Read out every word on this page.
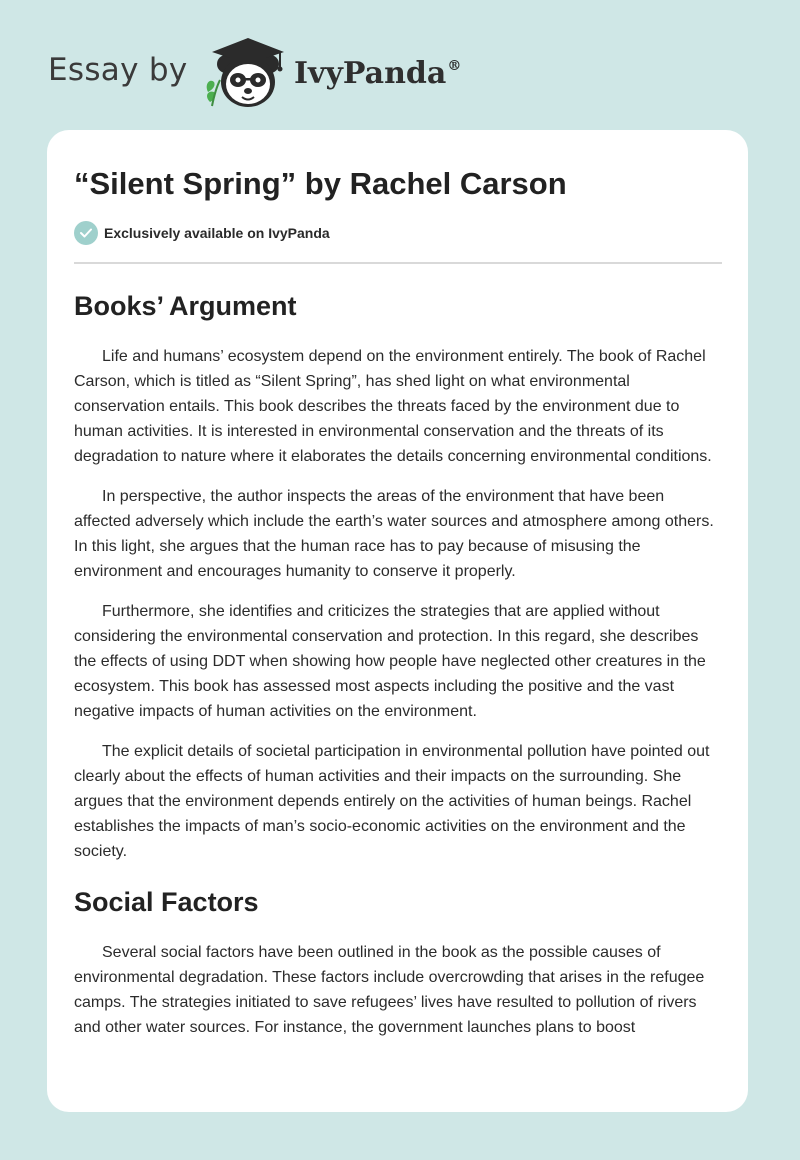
Essay by	IvyPanda®
“Silent Spring” by Rachel Carson
Exclusively available on IvyPanda
Books’ Argument

Life and humans’ ecosystem depend on the environment entirely. The book of Rachel Carson, which is titled as “Silent Spring”, has shed light on what environmental conservation entails. This book describes the threats faced by the environment due to human activities. It is interested in environmental conservation and the threats of its degradation to nature where it elaborates the details concerning environmental conditions.

In perspective, the author inspects the areas of the environment that have been affected adversely which include the earth’s water sources and atmosphere among others. In this light, she argues that the human race has to pay because of misusing the environment and encourages humanity to conserve it properly.

Furthermore, she identifies and criticizes the strategies that are applied without considering the environmental conservation and protection. In this regard, she describes the effects of using DDT when showing how people have neglected other creatures in the ecosystem. This book has assessed most aspects including the positive and the vast negative impacts of human activities on the environment.

The explicit details of societal participation in environmental pollution have pointed out clearly about the effects of human activities and their impacts on the surrounding. She argues that the environment depends entirely on the activities of human beings. Rachel establishes the impacts of man’s socio-economic activities on the environment and the society.

Social Factors

Several social factors have been outlined in the book as the possible causes of environmental degradation. These factors include overcrowding that arises in the refugee camps. The strategies initiated to save refugees’ lives have resulted to pollution of rivers and other water sources. For instance, the government launches plans to boost
